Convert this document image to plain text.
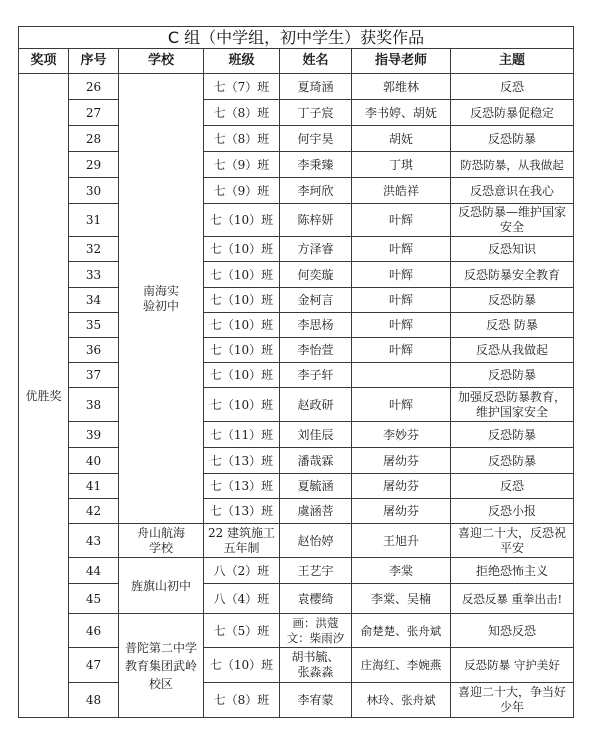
C 组（中学组，初中学生）获奖作品						
奖项	序号	学校	班级	姓名	指导老师	主题
优胜奖	26	南海实验初中	七（7）班	夏琦涵	郭维林	反恐
	27		七（8）班	丁子宸	李书婷、胡妩	反恐防暴促稳定
	28		七（8）班	何宇昊	胡妩	反恐防暴
	29		七（9）班	李秉臻	丁琪	防恐防暴，从我做起
	30		七（9）班	李珂欣	洪皓祥	反恐意识在我心
	31		七（10）班	陈梓妍	叶辉	反恐防暴—维护国家安全
	32		七（10）班	方泽睿	叶辉	反恐知识
	33		七（10）班	何奕璇	叶辉	反恐防暴安全教育
	34		七（10）班	金柯言	叶辉	反恐防暴
	35		七（10）班	李思杨	叶辉	反恐 防暴
	36		七（10）班	李怡萱	叶辉	反恐从我做起
	37		七（10）班	李子轩		反恐防暴
	38		七（10）班	赵政研	叶辉	加强反恐防暴教育，维护国家安全
	39		七（11）班	刘佳辰	李妙芬	反恐防暴
	40		七（13）班	潘哉霖	屠幼芬	反恐防暴
	41		七（13）班	夏毓涵	屠幼芬	反恐
	42		七（13）班	虞涵菩	屠幼芬	反恐小报
	43	舟山航海学校	22 建筑施工五年制	赵怡婷	王旭升	喜迎二十大，反恐祝平安
	44	旌旗山初中	八（2）班	王艺宇	李棠	拒绝恐怖主义
	45		八（4）班	袁樱绮	李棠、吴楠	反恐反暴 重拳出击!
	46	普陀第二中学教育集团武岭校区	七（5）班	画：洪蔻 文：柴雨汐	俞楚楚、张舟斌	知恐反恐
	47		七（10）班	胡书毓、张淼淼	庄海红、李婉燕	反恐防暴 守护美好
	48		七（8）班	李宥蒙	林玲、张舟斌	喜迎二十大，争当好少年
